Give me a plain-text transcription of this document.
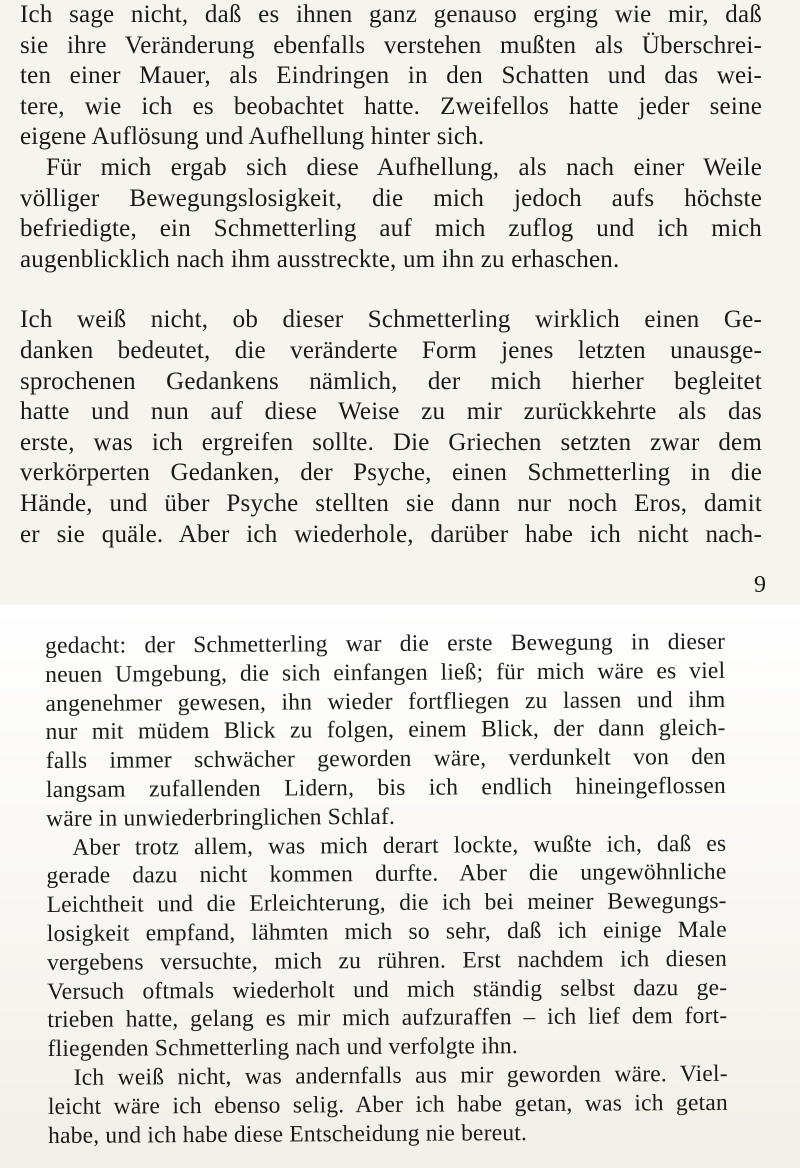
Ich sage nicht, daß es ihnen ganz genauso erging wie mir, daß
sie ihre Veränderung ebenfalls verstehen mußten als Überschrei-
ten einer Mauer, als Eindringen in den Schatten und das wei-
tere, wie ich es beobachtet hatte. Zweifellos hatte jeder seine
eigene Auflösung und Aufhellung hinter sich.
Für mich ergab sich diese Aufhellung, als nach einer Weile
völliger Bewegungslosigkeit, die mich jedoch aufs höchste
befriedigte, ein Schmetterling auf mich zuflog und ich mich
augenblicklich nach ihm ausstreckte, um ihn zu erhaschen.
Ich weiß nicht, ob dieser Schmetterling wirklich einen Ge-
danken bedeutet, die veränderte Form jenes letzten unausge-
sprochenen Gedankens nämlich, der mich hierher begleitet
hatte und nun auf diese Weise zu mir zurückkehrte als das
erste, was ich ergreifen sollte. Die Griechen setzten zwar dem
verkörperten Gedanken, der Psyche, einen Schmetterling in die
Hände, und über Psyche stellten sie dann nur noch Eros, damit
er sie quäle. Aber ich wiederhole, darüber habe ich nicht nach-
9
gedacht: der Schmetterling war die erste Bewegung in dieser
neuen Umgebung, die sich einfangen ließ; für mich wäre es viel
angenehmer gewesen, ihn wieder fortfliegen zu lassen und ihm
nur mit müdem Blick zu folgen, einem Blick, der dann gleich-
falls immer schwächer geworden wäre, verdunkelt von den
langsam zufallenden Lidern, bis ich endlich hineingeflossen
wäre in unwiederbringlichen Schlaf.
Aber trotz allem, was mich derart lockte, wußte ich, daß es
gerade dazu nicht kommen durfte. Aber die ungewöhnliche
Leichtheit und die Erleichterung, die ich bei meiner Bewegungs-
losigkeit empfand, lähmten mich so sehr, daß ich einige Male
vergebens versuchte, mich zu rühren. Erst nachdem ich diesen
Versuch oftmals wiederholt und mich ständig selbst dazu ge-
trieben hatte, gelang es mir mich aufzuraffen – ich lief dem fort-
fliegenden Schmetterling nach und verfolgte ihn.
Ich weiß nicht, was andernfalls aus mir geworden wäre. Viel-
leicht wäre ich ebenso selig. Aber ich habe getan, was ich getan
habe, und ich habe diese Entscheidung nie bereut.
